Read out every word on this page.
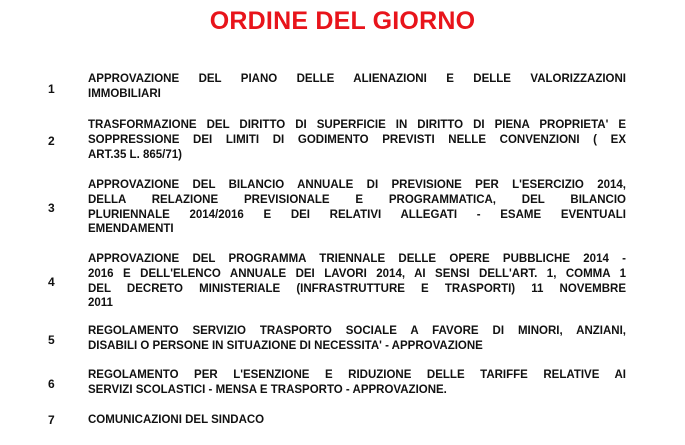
ORDINE DEL GIORNO
1
APPROVAZIONE DEL PIANO DELLE ALIENAZIONI E DELLE VALORIZZAZIONI
IMMOBILIARI
2
TRASFORMAZIONE DEL DIRITTO DI SUPERFICIE IN DIRITTO DI PIENA PROPRIETA' E
SOPPRESSIONE DEI LIMITI DI GODIMENTO PREVISTI NELLE CONVENZIONI ( EX
ART.35 L. 865/71)
3
APPROVAZIONE DEL BILANCIO ANNUALE DI PREVISIONE PER L'ESERCIZIO 2014,
DELLA RELAZIONE PREVISIONALE E PROGRAMMATICA, DEL BILANCIO
PLURIENNALE 2014/2016 E DEI RELATIVI ALLEGATI - ESAME EVENTUALI
EMENDAMENTI
4
APPROVAZIONE DEL PROGRAMMA TRIENNALE DELLE OPERE PUBBLICHE 2014 -
2016 E DELL'ELENCO ANNUALE DEI LAVORI 2014, AI SENSI DELL'ART. 1, COMMA 1
DEL DECRETO MINISTERIALE (INFRASTRUTTURE E TRASPORTI) 11 NOVEMBRE
2011
5
REGOLAMENTO SERVIZIO TRASPORTO SOCIALE A FAVORE DI MINORI, ANZIANI,
DISABILI O PERSONE IN SITUAZIONE DI NECESSITA' - APPROVAZIONE
6
REGOLAMENTO PER L'ESENZIONE E RIDUZIONE DELLE TARIFFE RELATIVE AI
SERVIZI SCOLASTICI - MENSA E TRASPORTO - APPROVAZIONE.
7	COMUNICAZIONI DEL SINDACO
